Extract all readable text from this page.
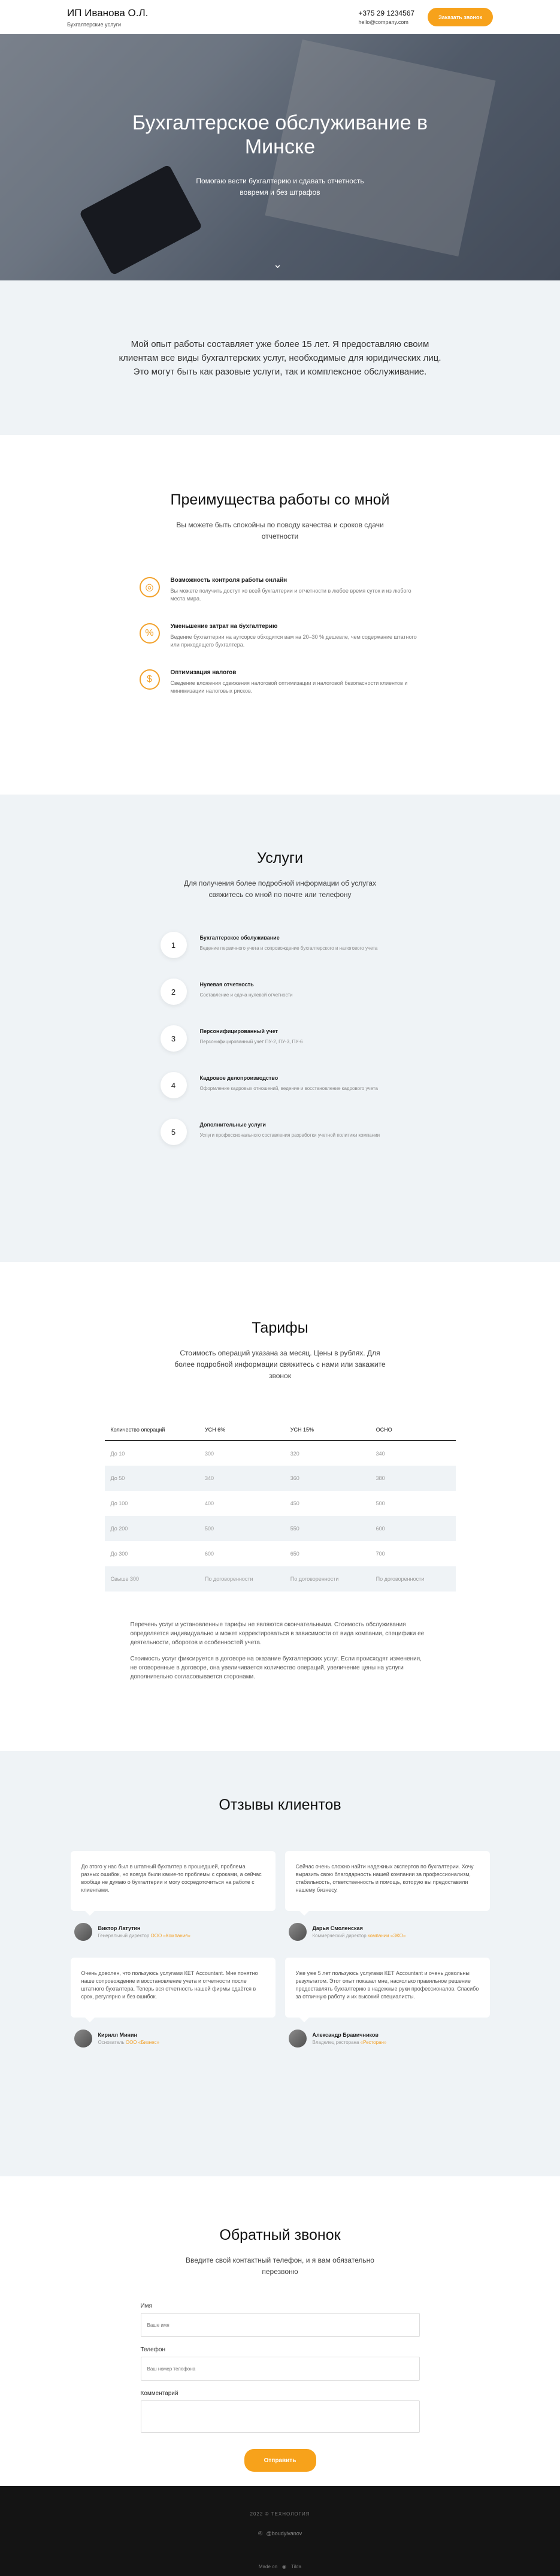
ИП Иванова О.Л.
Бухгалтерские услуги
+375 29 1234567
hello@company.com
Заказать звонок
Бухгалтерское обслуживание в Минске

Помогаю вести бухгалтерию и сдавать отчетность вовремя и без штрафов

⌄

Мой опыт работы составляет уже более 15 лет. Я предоставляю своим клиентам все виды бухгалтерских услуг, необходимые для юридических лиц. Это могут быть как разовые услуги, так и комплексное обслуживание.

Преимущества работы со мной

Вы можете быть спокойны по поводу качества и сроков сдачи отчетности

◎
Возможность контроля работы онлайн
Вы можете получить доступ ко всей бухгалтерии и отчетности в любое время суток и из любого места мира.
%
Уменьшение затрат на бухгалтерию
Ведение бухгалтерии на аутсорсе обходится вам на 20–30 % дешевле, чем содержание штатного или приходящего бухгалтера.
$
Оптимизация налогов
Сведение вложения сдвижения налоговой оптимизации и налоговой безопасности клиентов и минимизации налоговых рисков.
Услуги

Для получения более подробной информации об услугах свяжитесь со мной по почте или телефону

1
Бухгалтерское обслуживание
Ведение первичного учета и сопровождение бухгалтерского и налогового учета
2
Нулевая отчетность
Составление и сдача нулевой отчетности
3
Персонифицированный учет
Персонифицированный учет ПУ-2, ПУ-3, ПУ-6
4
Кадровое делопроизводство
Оформление кадровых отношений, ведение и восстановление кадрового учета
5
Дополнительные услуги
Услуги профессионального составления разработки учетной политики компании
Тарифы

Стоимость операций указана за месяц. Цены в рублях. Для более подробной информации свяжитесь с нами или закажите звонок

Количество операций	УСН 6%	УСН 15%	ОСНО
До 10	300	320	340
До 50	340	360	380
До 100	400	450	500
До 200	500	550	600
До 300	600	650	700
Свыше 300	По договоренности	По договоренности	По договоренности

Перечень услуг и установленные тарифы не являются окончательными. Стоимость обслуживания определяется индивидуально и может корректироваться в зависимости от вида компании, специфики ее деятельности, оборотов и особенностей учета.

Стоимость услуг фиксируется в договоре на оказание бухгалтерских услуг. Если происходят изменения, не оговоренные в договоре, она увеличивается количество операций, увеличение цены на услуги дополнительно согласовывается сторонами.

Отзывы клиентов
До этого у нас был в штатный бухгалтер в прошедшей, проблема разных ошибок, но всегда были какие-то проблемы с сроками, а сейчас вообще не думаю о бухгалтерии и могу сосредоточиться на работе с клиентами.
Виктор Латутин
Генеральный директор ООО «Компания»
Сейчас очень сложно найти надежных экспертов по бухгалтерии. Хочу выразить свою благодарность нашей компании за профессионализм, стабильность, ответственность и помощь, которую вы предоставили нашему бизнесу.
Дарья Смоленская
Коммерческий директор компании «ЭКО»
Очень доволен, что пользуюсь услугами КЕТ Accountant. Мне понятно наше сопровождение и восстановление учета и отчетности после штатного бухгалтера. Теперь вся отчетность нашей фирмы сдаётся в срок, регулярно и без ошибок.
Кирилл Минин
Основатель ООО «Бизнес»
Уже уже 5 лет пользуюсь услугами КЕТ Accountant и очень довольны результатом. Этот опыт показал мне, насколько правильное решение предоставлять бухгалтерию в надежные руки профессионалов. Спасибо за отличную работу и их высокий специалисты.
Александр Бравичников
Владелец ресторана «Ресторан»
Обратный звонок

Введите свой контактный телефон, и я вам обязательно перезвоню

Имя
Ваше имя
Телефон
Ваш номер телефона
Комментарий
Отправить
2022 © ТЕХНОЛОГИЯ
◎ @boudyivanov
Made on ◉ Tilda
